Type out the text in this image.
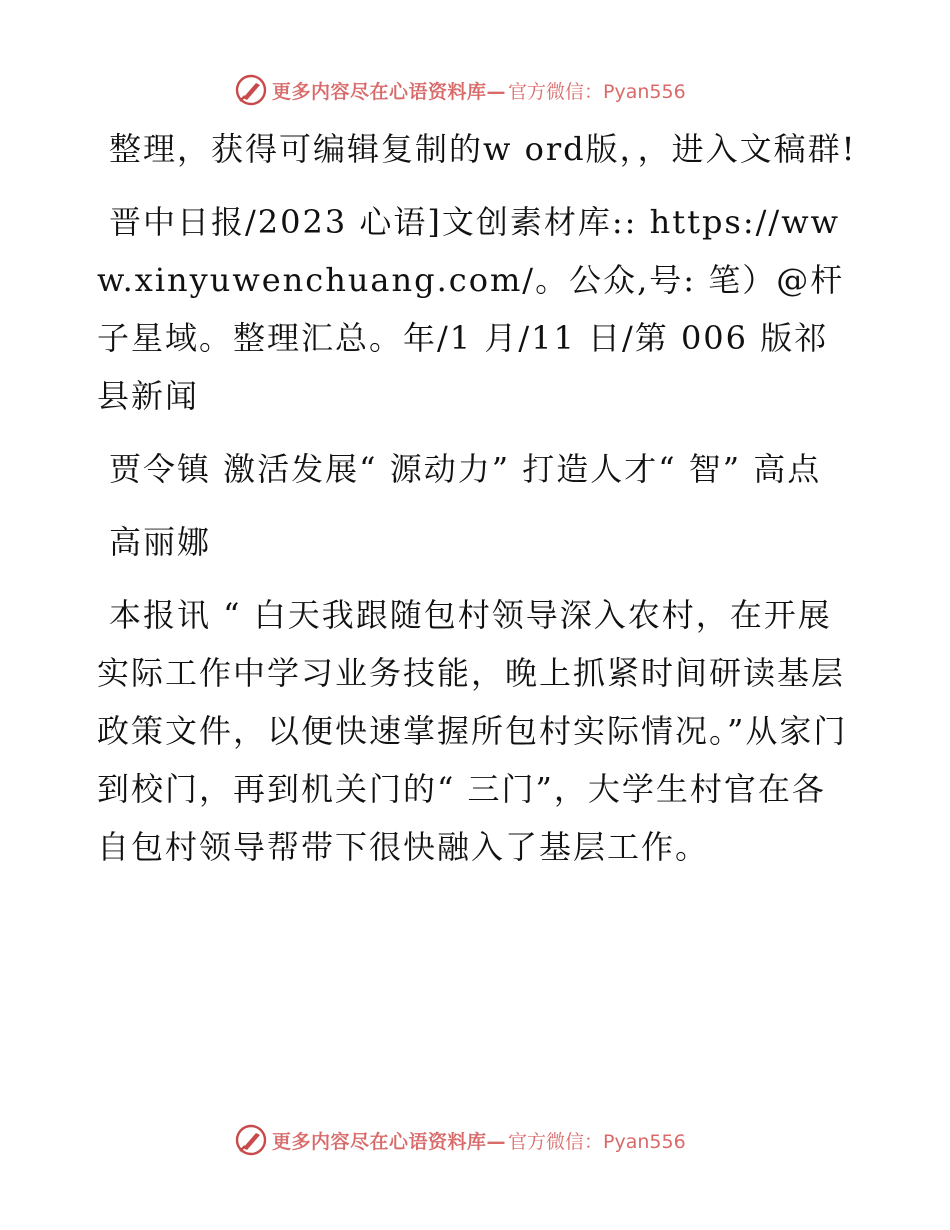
更多内容尽在心语资料库— 官方微信：Pyan556

整理，获得可编辑复制的w ord版，，进入文稿群!

晋中日报/2023 心语]文创素材库:: https://www.xinyuwenchuang.com/。公众,号: 笔）@杆子星域。整理汇总。年/1 月/11 日/第 006 版祁县新闻

贾令镇 激活发展“ 源动力” 打造人才“ 智” 高点

高丽娜

本报讯 “ 白天我跟随包村领导深入农村，在开展实际工作中学习业务技能，晚上抓紧时间研读基层政策文件，以便快速掌握所包村实际情况。”从家门到校门，再到机关门的“ 三门”，大学生村官在各自包村领导帮带下很快融入了基层工作。

更多内容尽在心语资料库— 官方微信：Pyan556
